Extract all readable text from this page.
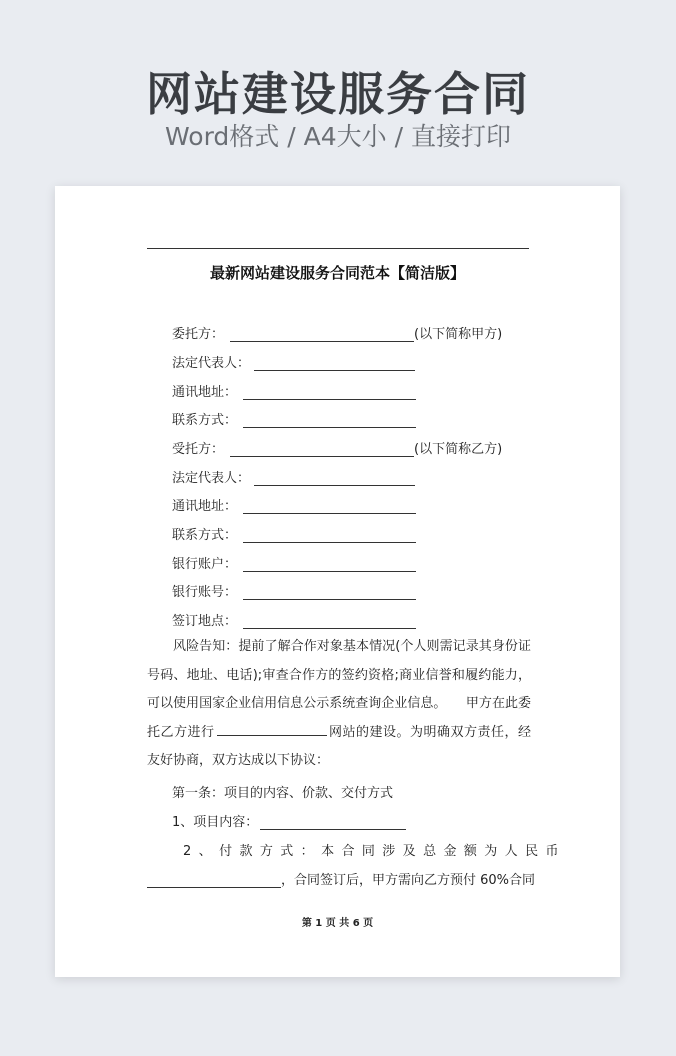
网站建设服务合同
Word格式 / A4大小 / 直接打印
最新网站建设服务合同范本【简洁版】
委托方：	(以下简称甲方)
法定代表人：
通讯地址：
联系方式：
受托方：	(以下简称乙方)
法定代表人：
通讯地址：
联系方式：
银行账户：
银行账号：
签订地点：
风险告知：提前了解合作对象基本情况(个人则需记录其身份证号码、地址、电话);审查合作方的签约资格;商业信誉和履约能力，可以使用国家企业信用信息公示系统查询企业信息。　　甲方在此委托乙方进行	网站的建设。为明确双方责任，经友好协商，双方达成以下协议：
第一条：项目的内容、价款、交付方式
1、项目内容：
2、付款方式：本合同涉及总金额为人民币
，合同签订后，甲方需向乙方预付 60%合同
第 1 页 共 6 页
